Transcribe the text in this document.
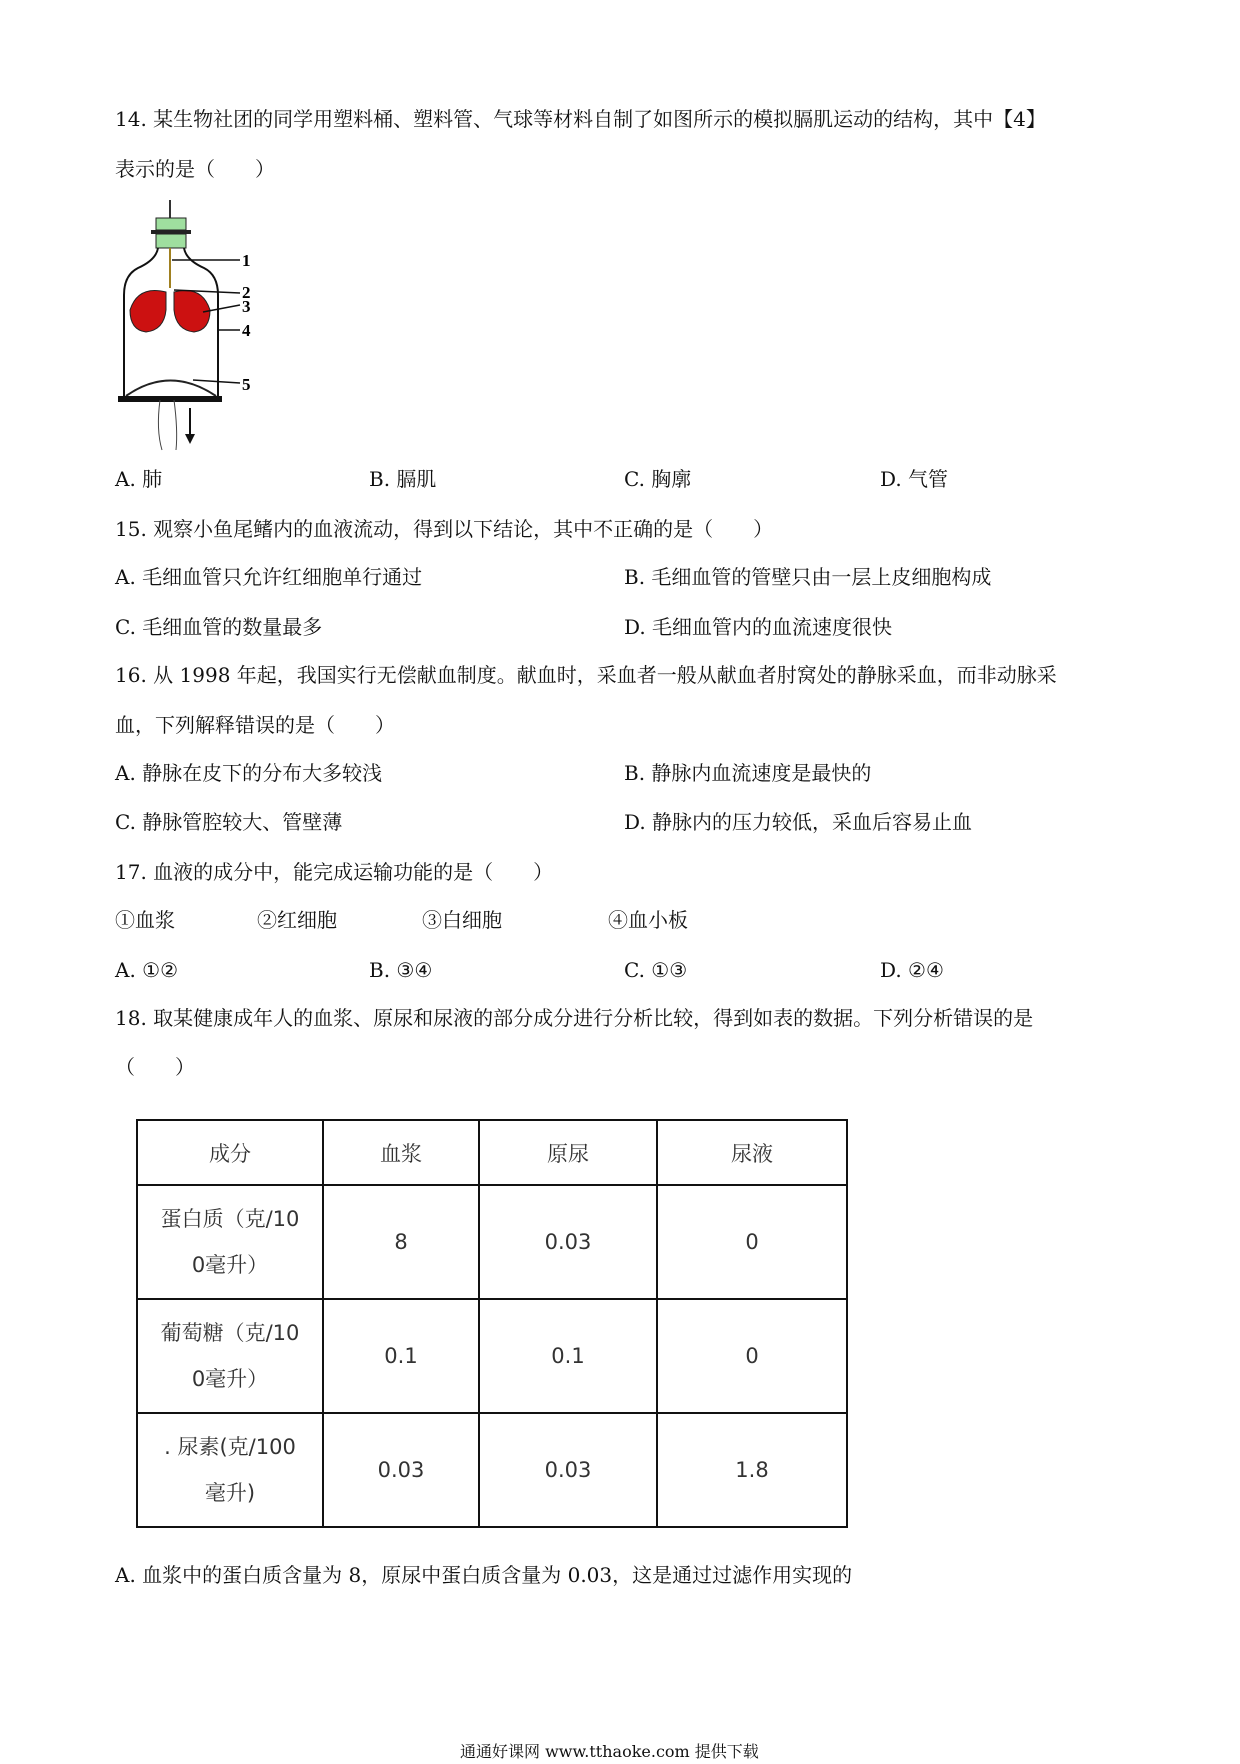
14. 某生物社团的同学用塑料桶、塑料管、气球等材料自制了如图所示的模拟膈肌运动的结构，其中【4】
表示的是（　　）
1
2
3
4
5
A. 肺	B. 膈肌	C. 胸廓	D. 气管
15. 观察小鱼尾鳍内的血液流动，得到以下结论，其中不正确的是（　　）
A. 毛细血管只允许红细胞单行通过	B. 毛细血管的管壁只由一层上皮细胞构成
C. 毛细血管的数量最多	D. 毛细血管内的血流速度很快
16. 从 1998 年起，我国实行无偿献血制度。献血时，采血者一般从献血者肘窝处的静脉采血，而非动脉采
血，下列解释错误的是（　　）
A. 静脉在皮下的分布大多较浅	B. 静脉内血流速度是最快的
C. 静脉管腔较大、管壁薄	D. 静脉内的压力较低，采血后容易止血
17. 血液的成分中，能完成运输功能的是（　　）
①血浆	②红细胞	③白细胞	④血小板
A. ①②	B. ③④	C. ①③	D. ②④
18. 取某健康成年人的血浆、原尿和尿液的部分成分进行分析比较，得到如表的数据。下列分析错误的是
（　　）
成分	血浆	原尿	尿液

蛋白质（克/10
0毫升）	8	0.03	0

葡萄糖（克/10
0毫升）	0.1	0.1	0

. 尿素(克/100
毫升)	0.03	0.03	1.8
A. 血浆中的蛋白质含量为 8，原尿中蛋白质含量为 0.03，这是通过过滤作用实现的
通通好课网 www.tthaoke.com 提供下载
